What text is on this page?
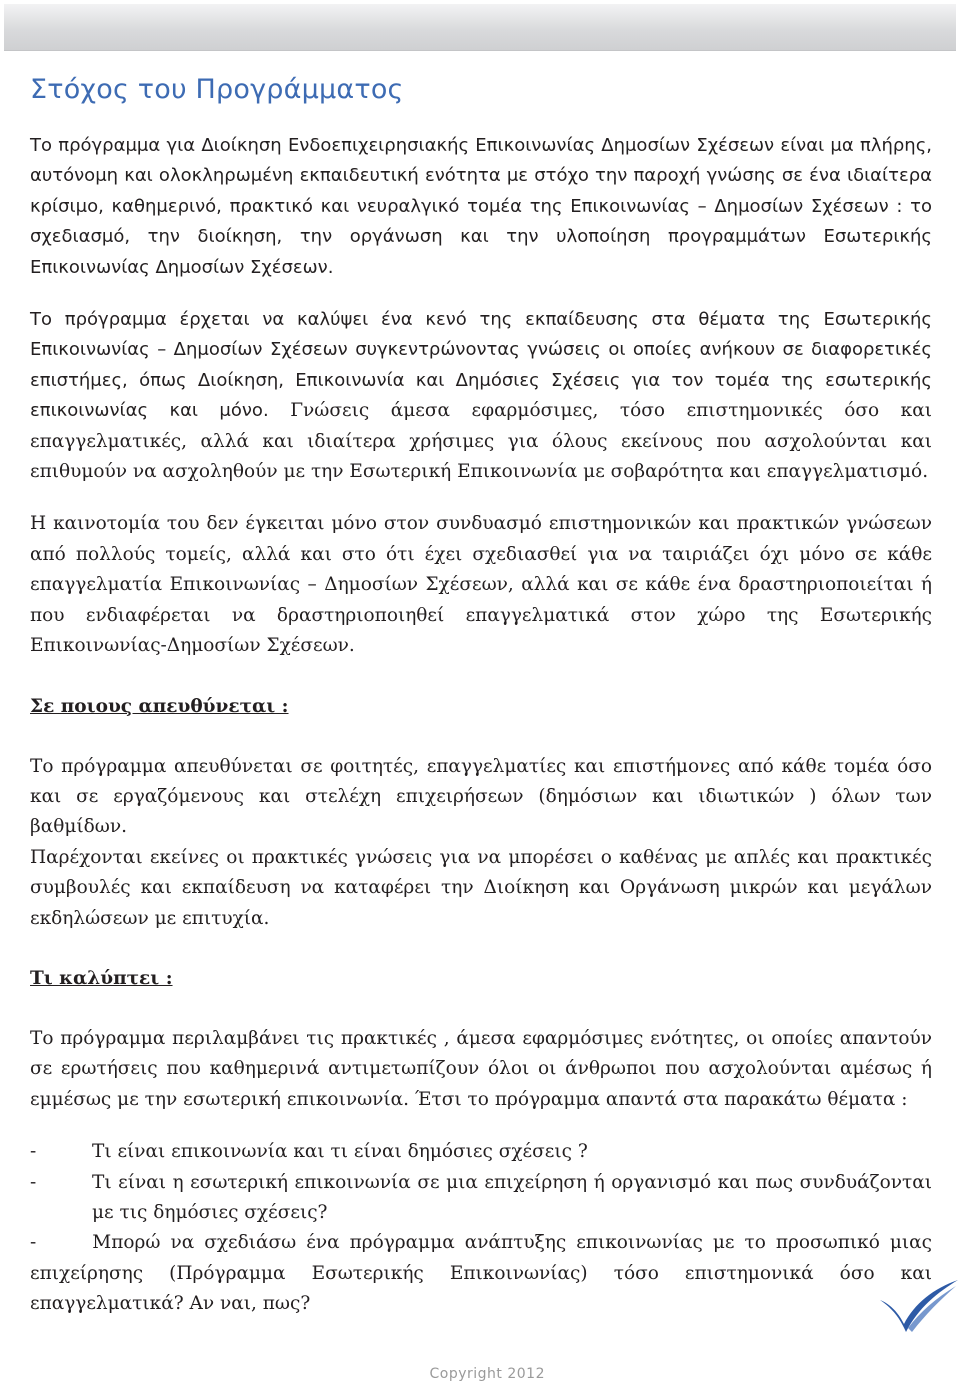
Στόχος του Προγράμματος

Το πρόγραμμα για Διοίκηση Ενδοεπιχειρησιακής Επικοινωνίας Δημοσίων Σχέσεων είναι μα πλήρης, αυτόνομη και ολοκληρωμένη εκπαιδευτική ενότητα με στόχο την παροχή γνώσης σε ένα ιδιαίτερα κρίσιμο, καθημερινό, πρακτικό και νευραλγικό τομέα της Επικοινωνίας – Δημοσίων Σχέσεων : το σχεδιασμό, την διοίκηση, την οργάνωση και την υλοποίηση προγραμμάτων Εσωτερικής Επικοινωνίας Δημοσίων Σχέσεων.

Το πρόγραμμα έρχεται να καλύψει ένα κενό της εκπαίδευσης στα θέματα της Εσωτερικής Επικοινωνίας – Δημοσίων Σχέσεων συγκεντρώνοντας γνώσεις οι οποίες ανήκουν σε διαφορετικές επιστήμες, όπως Διοίκηση, Επικοινωνία και Δημόσιες Σχέσεις για τον τομέα της εσωτερικής επικοινωνίας και μόνο. Γνώσεις άμεσα εφαρμόσιμες, τόσο επιστημονικές όσο και επαγγελματικές, αλλά και ιδιαίτερα χρήσιμες για όλους εκείνους που ασχολούνται και επιθυμούν να ασχοληθούν με την Εσωτερική Επικοινωνία με σοβαρότητα και επαγγελματισμό.

Η καινοτομία του δεν έγκειται μόνο στον συνδυασμό επιστημονικών και πρακτικών γνώσεων από πολλούς τομείς, αλλά και στο ότι έχει σχεδιασθεί για να ταιριάζει όχι μόνο σε κάθε επαγγελματία Επικοινωνίας – Δημοσίων Σχέσεων, αλλά και σε κάθε ένα δραστηριοποιείται ή που ενδιαφέρεται να δραστηριοποιηθεί επαγγελματικά στον χώρο της Εσωτερικής Επικοινωνίας-Δημοσίων Σχέσεων.

Σε ποιους απευθύνεται :

Το πρόγραμμα απευθύνεται σε φοιτητές, επαγγελματίες και επιστήμονες από κάθε τομέα όσο και σε εργαζόμενους και στελέχη επιχειρήσεων (δημόσιων και ιδιωτικών ) όλων των βαθμίδων.

Παρέχονται εκείνες οι πρακτικές γνώσεις για να μπορέσει ο καθένας με απλές και πρακτικές συμβουλές και εκπαίδευση να καταφέρει την Διοίκηση και Οργάνωση μικρών και μεγάλων εκδηλώσεων με επιτυχία.

Τι καλύπτει :

Το πρόγραμμα περιλαμβάνει τις πρακτικές , άμεσα εφαρμόσιμες ενότητες, οι οποίες απαντούν σε ερωτήσεις που καθημερινά αντιμετωπίζουν όλοι οι άνθρωποι που ασχολούνται αμέσως ή εμμέσως με την εσωτερική επικοινωνία. Έτσι το πρόγραμμα απαντά στα παρακάτω θέματα :

-	Τι είναι επικοινωνία και τι είναι δημόσιες σχέσεις ?
-	Τι είναι η εσωτερική επικοινωνία σε μια επιχείρηση ή οργανισμό και πως συνδυάζονται με τις δημόσιες σχέσεις?
-	Μπορώ να σχεδιάσω ένα πρόγραμμα ανάπτυξης επικοινωνίας με το προσωπικό μιας επιχείρησης (Πρόγραμμα Εσωτερικής Επικοινωνίας) τόσο επιστημονικά όσο και επαγγελματικά? Αν ναι, πως?
Copyright 2012
